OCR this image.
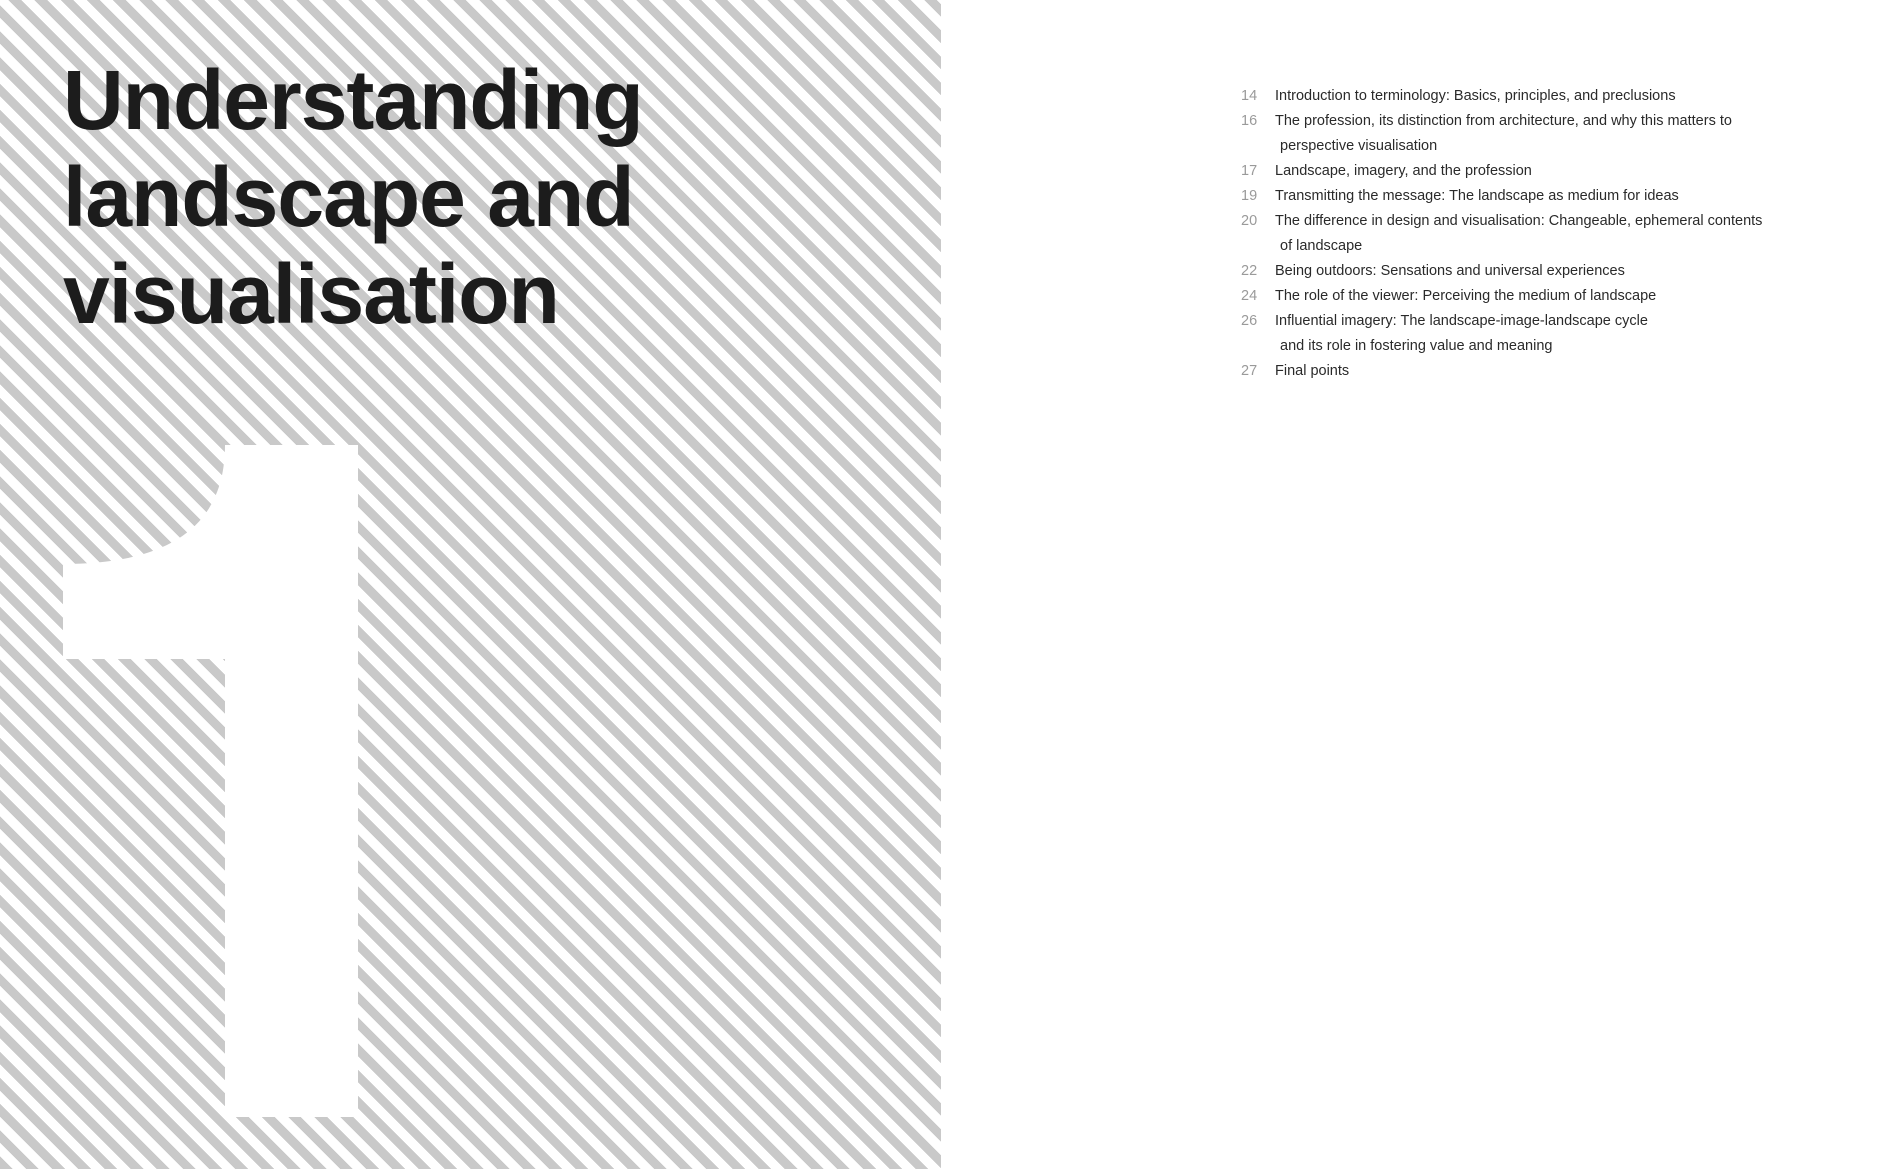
Understanding
landscape and
visualisation
14	Introduction to terminology: Basics, principles, and preclusions
16	The profession, its distinction from architecture, and why this matters to
perspective visualisation
17	Landscape, imagery, and the profession
19	Transmitting the message: The landscape as medium for ideas
20	The difference in design and visualisation: Changeable, ephemeral contents
of landscape
22	Being outdoors: Sensations and universal experiences
24	The role of the viewer: Perceiving the medium of landscape
26	Influential imagery: The landscape-image-landscape cycle
and its role in fostering value and meaning
27	Final points
